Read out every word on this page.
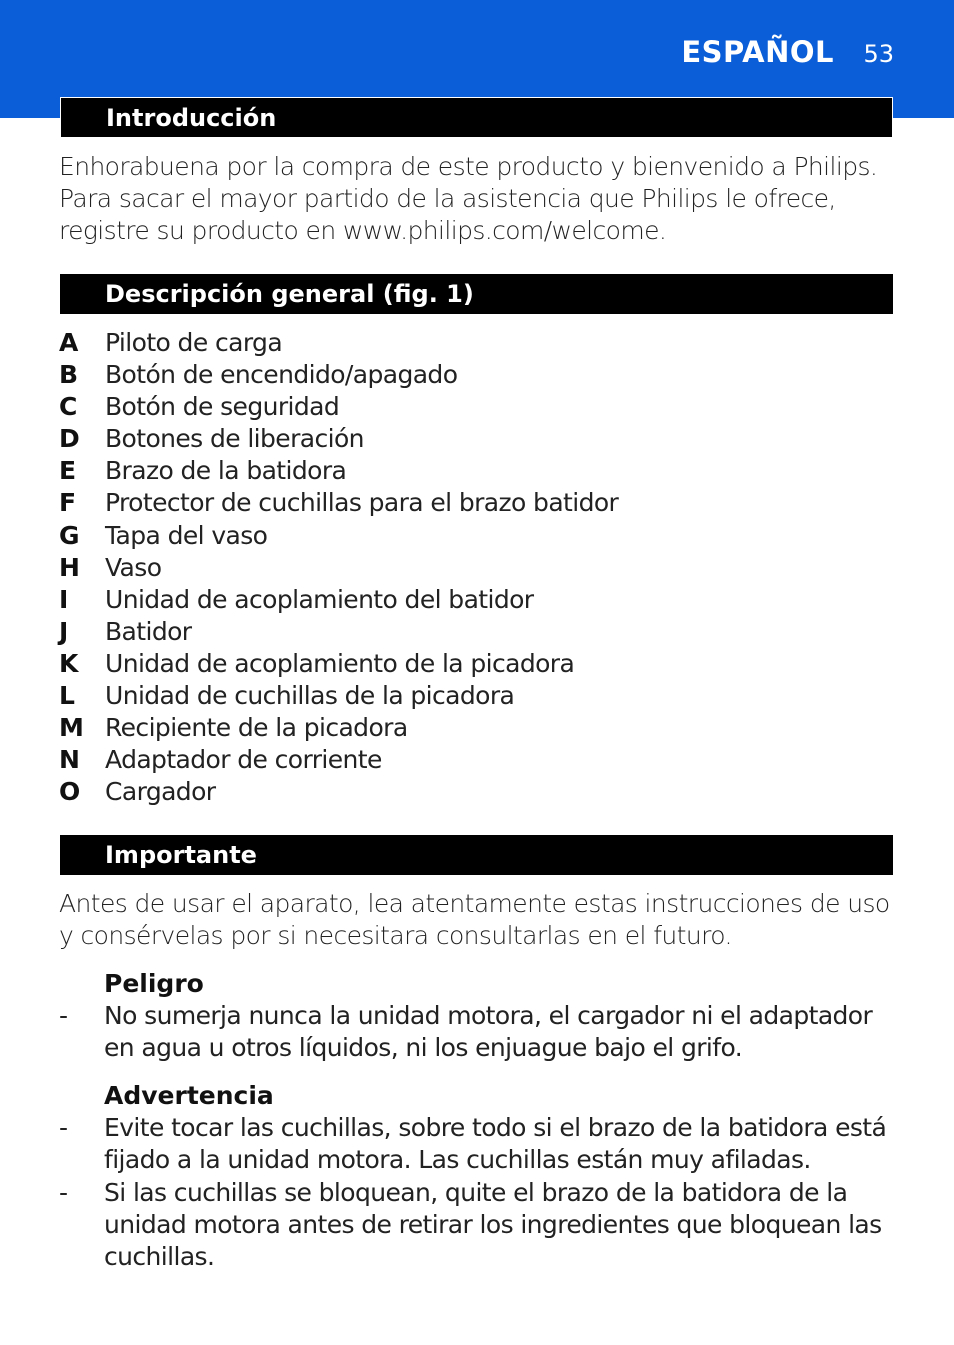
ESPAÑOL 53
Introducción
Enhorabuena por la compra de este producto y bienvenido a Philips. Para sacar el mayor partido de la asistencia que Philips le ofrece, registre su producto en www.philips.com/welcome.
Descripción general (fig. 1)
A Piloto de carga
B Botón de encendido/apagado
C Botón de seguridad
D Botones de liberación
E Brazo de la batidora
F Protector de cuchillas para el brazo batidor
G Tapa del vaso
H Vaso
I Unidad de acoplamiento del batidor
J Batidor
K Unidad de acoplamiento de la picadora
L Unidad de cuchillas de la picadora
M Recipiente de la picadora
N Adaptador de corriente
O Cargador
Importante
Antes de usar el aparato, lea atentamente estas instrucciones de uso y consérvelas por si necesitara consultarlas en el futuro.
Peligro
- No sumerja nunca la unidad motora, el cargador ni el adaptador en agua u otros líquidos, ni los enjuague bajo el grifo.
Advertencia
- Evite tocar las cuchillas, sobre todo si el brazo de la batidora está fijado a la unidad motora. Las cuchillas están muy afiladas.
- Si las cuchillas se bloquean, quite el brazo de la batidora de la unidad motora antes de retirar los ingredientes que bloquean las cuchillas.
